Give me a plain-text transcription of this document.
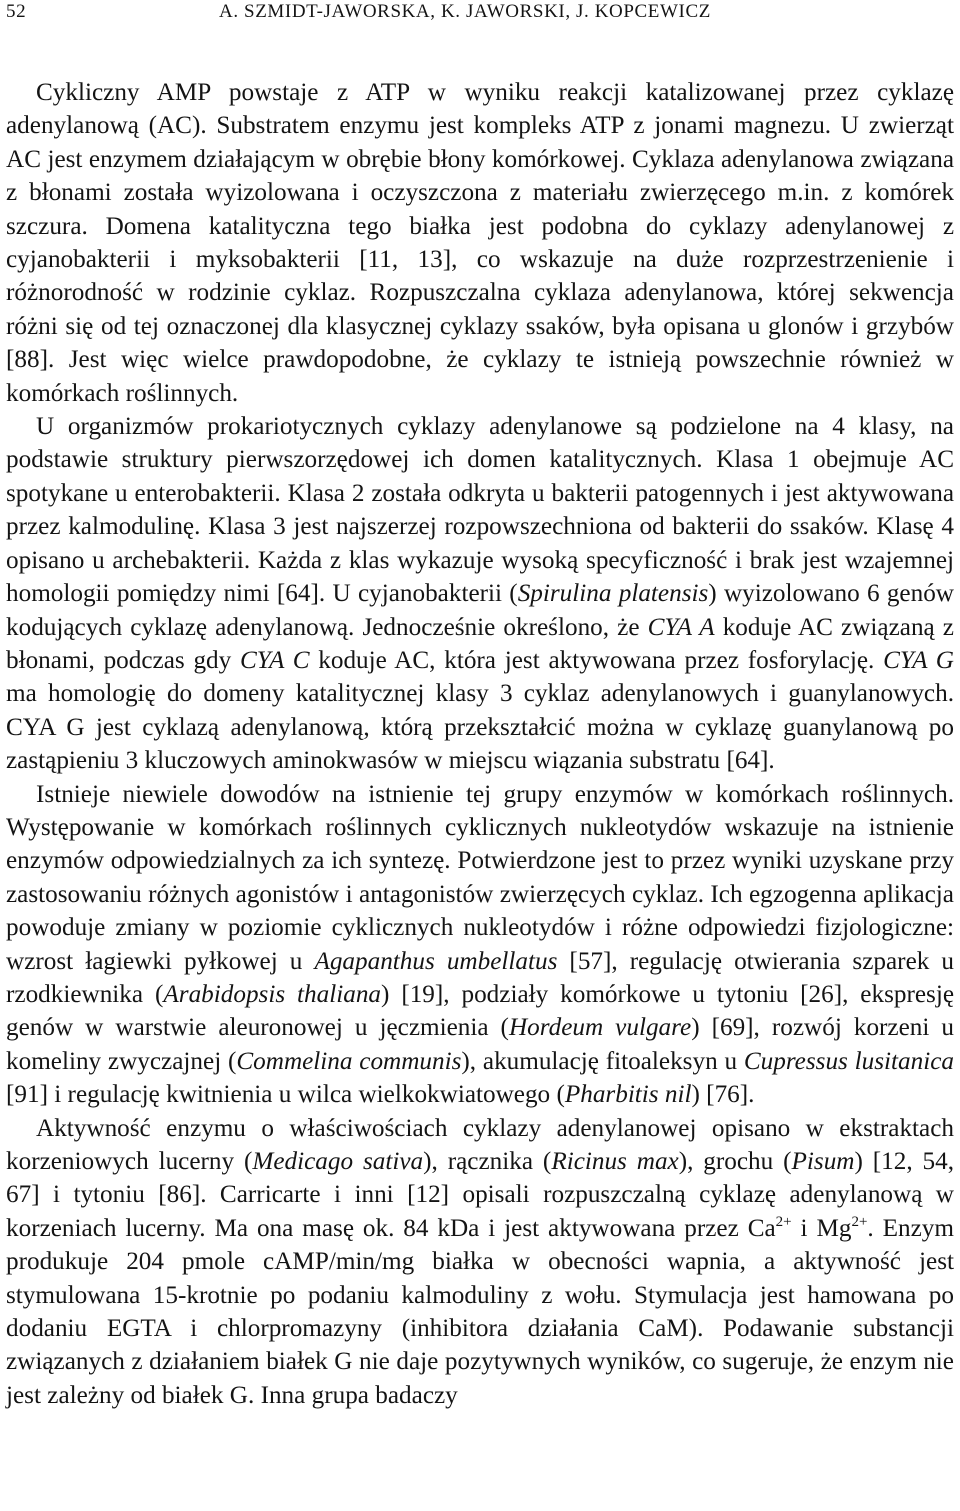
52	A. SZMIDT-JAWORSKA, K. JAWORSKI, J. KOPCEWICZ

Cykliczny AMP powstaje z ATP w wyniku reakcji katalizowanej przez cyklazę adenylanową (AC). Substratem enzymu jest kompleks ATP z jonami magnezu. U zwierząt AC jest enzymem działającym w obrębie błony komórkowej. Cyklaza adenylanowa związana z błonami została wyizolowana i oczyszczona z materiału zwierzęcego m.in. z komórek szczura. Domena katalityczna tego białka jest podobna do cyklazy adenylanowej z cyjanobakterii i myksobakterii [11, 13], co wskazuje na duże rozprzestrzenienie i różnorodność w rodzinie cyklaz. Rozpuszczalna cyklaza adenylanowa, której sekwencja różni się od tej oznaczonej dla klasycznej cyklazy ssaków, była opisana u glonów i grzybów [88]. Jest więc wielce prawdopodobne, że cyklazy te istnieją powszechnie również w komórkach roślinnych.

U organizmów prokariotycznych cyklazy adenylanowe są podzielone na 4 klasy, na podstawie struktury pierwszorzędowej ich domen katalitycznych. Klasa 1 obejmuje AC spotykane u enterobakterii. Klasa 2 została odkryta u bakterii patogennych i jest aktywowana przez kalmodulinę. Klasa 3 jest najszerzej rozpowszechniona od bakterii do ssaków. Klasę 4 opisano u archebakterii. Każda z klas wykazuje wysoką specyficzność i brak jest wzajemnej homologii pomiędzy nimi [64]. U cyjanobakterii (Spirulina platensis) wyizolowano 6 genów kodujących cyklazę adenylanową. Jednocześnie określono, że CYA A koduje AC związaną z błonami, podczas gdy CYA C koduje AC, która jest aktywowana przez fosforylację. CYA G ma homologię do domeny katalitycznej klasy 3 cyklaz adenylanowych i guanylanowych. CYA G jest cyklazą adenylanową, którą przekształcić można w cyklazę guanylanową po zastąpieniu 3 kluczowych aminokwasów w miejscu wiązania substratu [64].

Istnieje niewiele dowodów na istnienie tej grupy enzymów w komórkach roślinnych. Występowanie w komórkach roślinnych cyklicznych nukleotydów wskazuje na istnienie enzymów odpowiedzialnych za ich syntezę. Potwierdzone jest to przez wyniki uzyskane przy zastosowaniu różnych agonistów i antagonistów zwierzęcych cyklaz. Ich egzogenna aplikacja powoduje zmiany w poziomie cyklicznych nukleotydów i różne odpowiedzi fizjologiczne: wzrost łagiewki pyłkowej u Agapanthus umbellatus [57], regulację otwierania szparek u rzodkiewnika (Arabidopsis thaliana) [19], podziały komórkowe u tytoniu [26], ekspresję genów w warstwie aleuronowej u jęczmienia (Hordeum vulgare) [69], rozwój korzeni u komeliny zwyczajnej (Commelina communis), akumulację fitoaleksyn u Cupressus lusitanica [91] i regulację kwitnienia u wilca wielkokwiatowego (Pharbitis nil) [76].

Aktywność enzymu o właściwościach cyklazy adenylanowej opisano w ekstraktach korzeniowych lucerny (Medicago sativa), rącznika (Ricinus max), grochu (Pisum) [12, 54, 67] i tytoniu [86]. Carricarte i inni [12] opisali rozpuszczalną cyklazę adenylanową w korzeniach lucerny. Ma ona masę ok. 84 kDa i jest aktywowana przez $Ca^{2+}$ i $Mg^{2+}$. Enzym produkuje 204 pmole cAMP/min/mg białka w obecności wapnia, a aktywność jest stymulowana 15-krotnie po podaniu kalmoduliny z wołu. Stymulacja jest hamowana po dodaniu EGTA i chlorpromazyny (inhibitora działania CaM). Podawanie substancji związanych z działaniem białek G nie daje pozytywnych wyników, co sugeruje, że enzym nie jest zależny od białek G. Inna grupa badaczy
